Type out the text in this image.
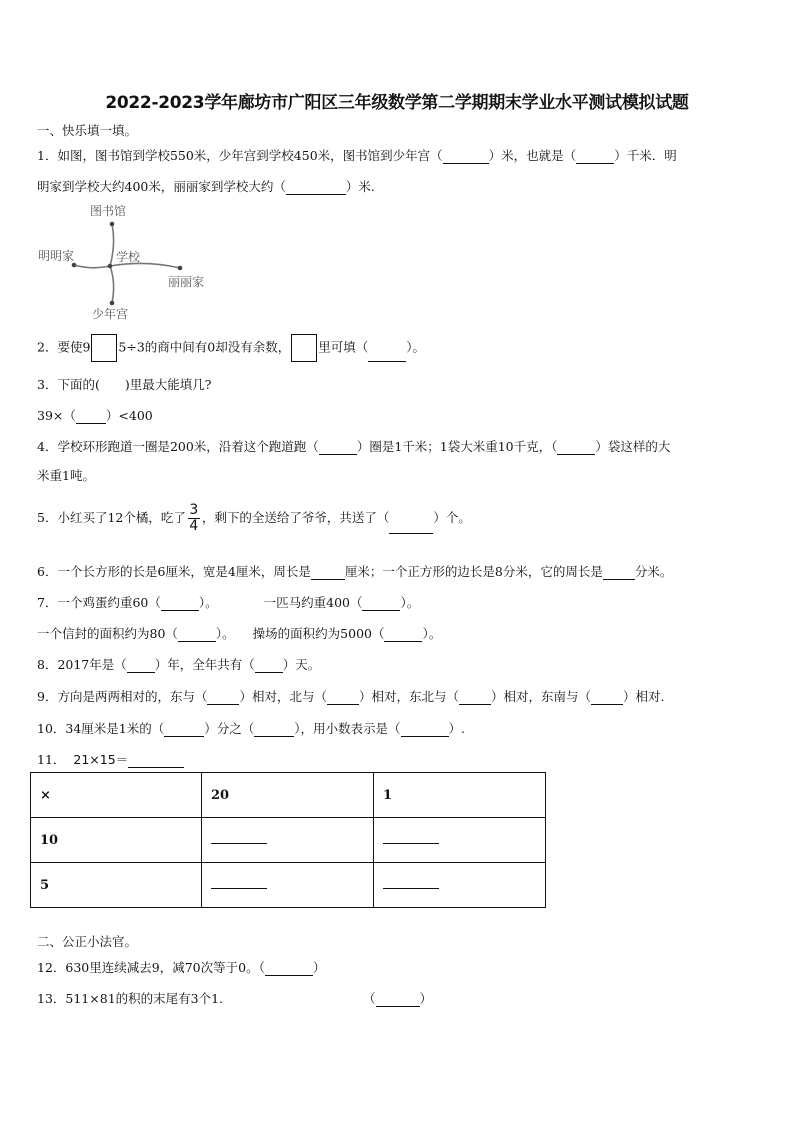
2022-2023学年廊坊市广阳区三年级数学第二学期期末学业水平测试模拟试题
一、快乐填一填。
1．如图，图书馆到学校550米，少年宫到学校450米，图书馆到少年宫（	）米，也就是（	）千米．明
明家到学校大约400米，丽丽家到学校大约（	）米.
图书馆
学校
明明家
丽丽家
少年宫
2．要使9 5÷3的商中间有0却没有余数， 里可填（	）。
3．下面的(　　)里最大能填几?
39×（ ）<400
4．学校环形跑道一圈是200米，沿着这个跑道跑（	）圈是1千米；1袋大米重10千克，（	）袋这样的大
米重1吨。
5．小红买了12个橘，吃了 $\frac{3}{4}$ ，剩下的全送给了爷爷，共送了（	）个。
6．一个长方形的长是6厘米，宽是4厘米，周长是	厘米；一个正方形的边长是8分米，它的周长是	分米。
7．一个鸡蛋约重60（	）。	一匹马约重400（	）。
一个信封的面积约为80（	）。 操场的面积约为5000（	）。
8．2017年是（ ）年，全年共有（ ）天。
9．方向是两两相对的，东与（	）相对，北与（	）相对，东北与（	）相对，东南与（	）相对.
10．34厘米是1米的（	）分之（	），用小数表示是（	）.
11． 21×15＝
×	20	1
10		
5		
二、公正小法官。
12．630里连续减去9，减70次等于0。（	）
13．511×81的积的末尾有3个1.	（	）
